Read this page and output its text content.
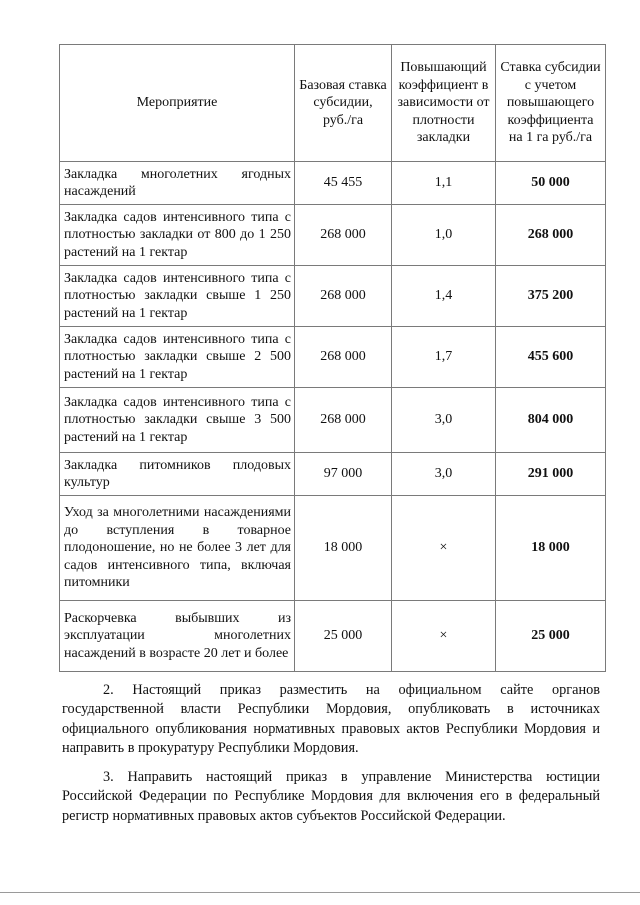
Мероприятие	Базовая ставка субсидии, руб./га	Повышающий коэффициент в зависимости от плотности закладки	Ставка субсидии с учетом повышающего коэффициента на 1 га руб./га
Закладка многолетних ягодных насаждений	45 455	1,1	50 000
Закладка садов интенсивного типа с плотностью закладки от 800 до 1 250 растений на 1 гектар	268 000	1,0	268 000
Закладка садов интенсивного типа с плотностью закладки свыше 1 250 растений на 1 гектар	268 000	1,4	375 200
Закладка садов интенсивного типа с плотностью закладки свыше 2 500 растений на 1 гектар	268 000	1,7	455 600
Закладка садов интенсивного типа с плотностью закладки свыше 3 500 растений на 1 гектар	268 000	3,0	804 000
Закладка питомников плодовых культур	97 000	3,0	291 000
Уход за многолетними насаждениями до вступления в товарное плодоношение, но не более 3 лет для садов интенсивного типа, включая питомники	18 000	×	18 000
Раскорчевка выбывших из эксплуатации многолетних насаждений в возрасте 20 лет и более	25 000	×	25 000

2. Настоящий приказ разместить на официальном сайте органов государственной власти Республики Мордовия, опубликовать в источниках официального опубликования нормативных правовых актов Республики Мордовия и направить в прокуратуру Республики Мордовия.

3. Направить настоящий приказ в управление Министерства юстиции Российской Федерации по Республике Мордовия для включения его в федеральный регистр нормативных правовых актов субъектов Российской Федерации.
